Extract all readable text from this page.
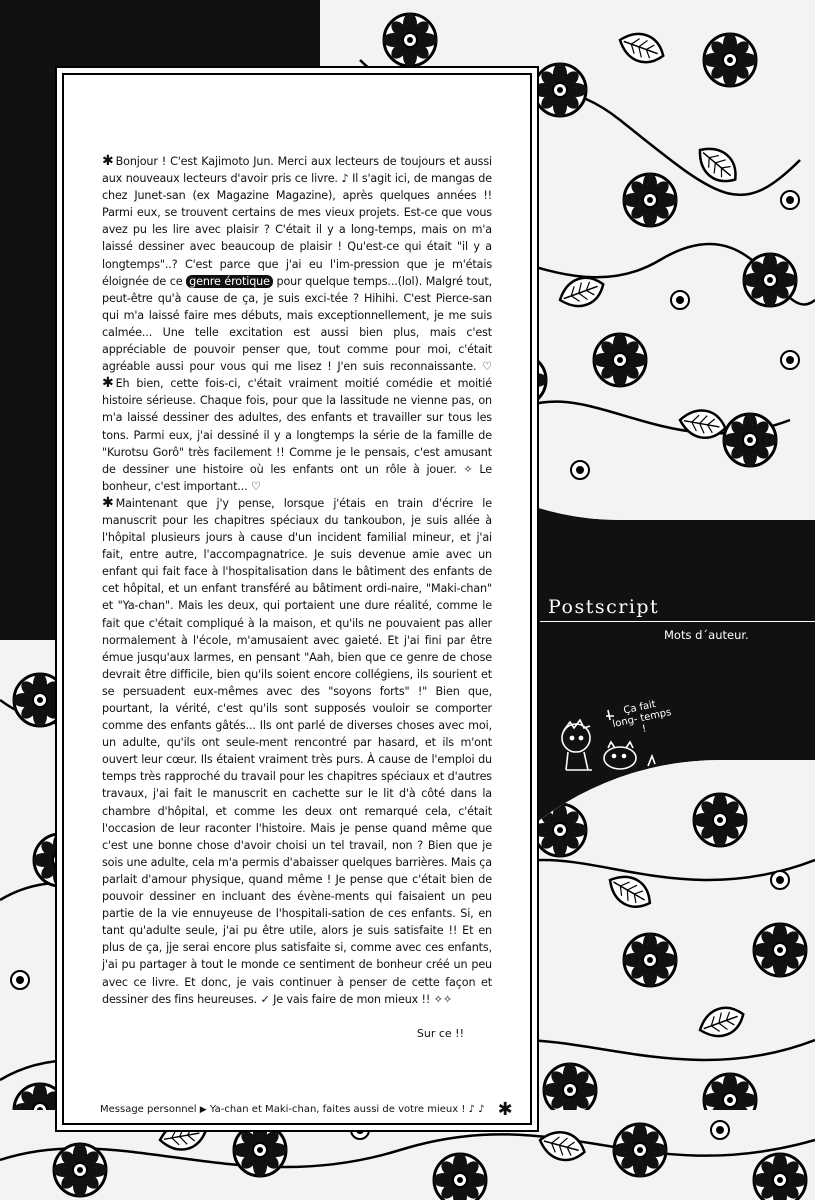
Postscript
Mots d´auteur.
Ça fait long- temps !
✱ Bonjour ! C'est Kajimoto Jun. Merci aux lecteurs de toujours et aussi aux nouveaux lecteurs d'avoir pris ce livre. ♪ Il s'agit ici, de mangas de chez Junet-san (ex Magazine Magazine), après quelques années !! Parmi eux, se trouvent certains de mes vieux projets. Est-ce que vous avez pu les lire avec plaisir ? C'était il y a long-temps, mais on m'a laissé dessiner avec beaucoup de plaisir ! Qu'est-ce qui était "il y a longtemps"..? C'est parce que j'ai eu l'im-pression que je m'étais éloignée de ce genre érotique pour quelque temps...(lol). Malgré tout, peut-être qu'à cause de ça, je suis exci-tée ? Hihihi. C'est Pierce-san qui m'a laissé faire mes débuts, mais exceptionnellement, je me suis calmée... Une telle excitation est aussi bien plus, mais c'est appréciable de pouvoir penser que, tout comme pour moi, c'était agréable aussi pour vous qui me lisez ! J'en suis reconnaissante. ♡ ✱ Eh bien, cette fois-ci, c'était vraiment moitié comédie et moitié histoire sérieuse. Chaque fois, pour que la lassitude ne vienne pas, on m'a laissé dessiner des adultes, des enfants et travailler sur tous les tons. Parmi eux, j'ai dessiné il y a longtemps la série de la famille de "Kurotsu Gorô" très facilement !! Comme je le pensais, c'est amusant de dessiner une histoire où les enfants ont un rôle à jouer. ✧ Le bonheur, c'est important... ♡
✱ Maintenant que j'y pense, lorsque j'étais en train d'écrire le manuscrit pour les chapitres spéciaux du tankoubon, je suis allée à l'hôpital plusieurs jours à cause d'un incident familial mineur, et j'ai fait, entre autre, l'accompagnatrice. Je suis devenue amie avec un enfant qui fait face à l'hospitalisation dans le bâtiment des enfants de cet hôpital, et un enfant transféré au bâtiment ordi-naire, "Maki-chan" et "Ya-chan". Mais les deux, qui portaient une dure réalité, comme le fait que c'était compliqué à la maison, et qu'ils ne pouvaient pas aller normalement à l'école, m'amusaient avec gaieté. Et j'ai fini par être émue jusqu'aux larmes, en pensant "Aah, bien que ce genre de chose devrait être difficile, bien qu'ils soient encore collégiens, ils sourient et se persuadent eux-mêmes avec des "soyons forts" !" Bien que, pourtant, la vérité, c'est qu'ils sont supposés vouloir se comporter comme des enfants gâtés... Ils ont parlé de diverses choses avec moi, un adulte, qu'ils ont seule-ment rencontré par hasard, et ils m'ont ouvert leur cœur. Ils étaient vraiment très purs. À cause de l'emploi du temps très rapproché du travail pour les chapitres spéciaux et d'autres travaux, j'ai fait le manuscrit en cachette sur le lit d'à côté dans la chambre d'hôpital, et comme les deux ont remarqué cela, c'était l'occasion de leur raconter l'histoire. Mais je pense quand même que c'est une bonne chose d'avoir choisi un tel travail, non ? Bien que je sois une adulte, cela m'a permis d'abaisser quelques barrières. Mais ça parlait d'amour physique, quand même ! Je pense que c'était bien de pouvoir dessiner en incluant des évène-ments qui faisaient un peu partie de la vie ennuyeuse de l'hospitali-sation de ces enfants. Si, en tant qu'adulte seule, j'ai pu être utile, alors je suis satisfaite !! Et en plus de ça, jje serai encore plus satisfaite si, comme avec ces enfants, j'ai pu partager à tout le monde ce sentiment de bonheur créé un peu avec ce livre. Et donc, je vais continuer à penser de cette façon et dessiner des fins heureuses. ✓ Je vais faire de mon mieux !! ✧✧
Sur ce !!
Message personnel ▶ Ya-chan et Maki-chan, faites aussi de votre mieux ! ♪ ♪ ✱
